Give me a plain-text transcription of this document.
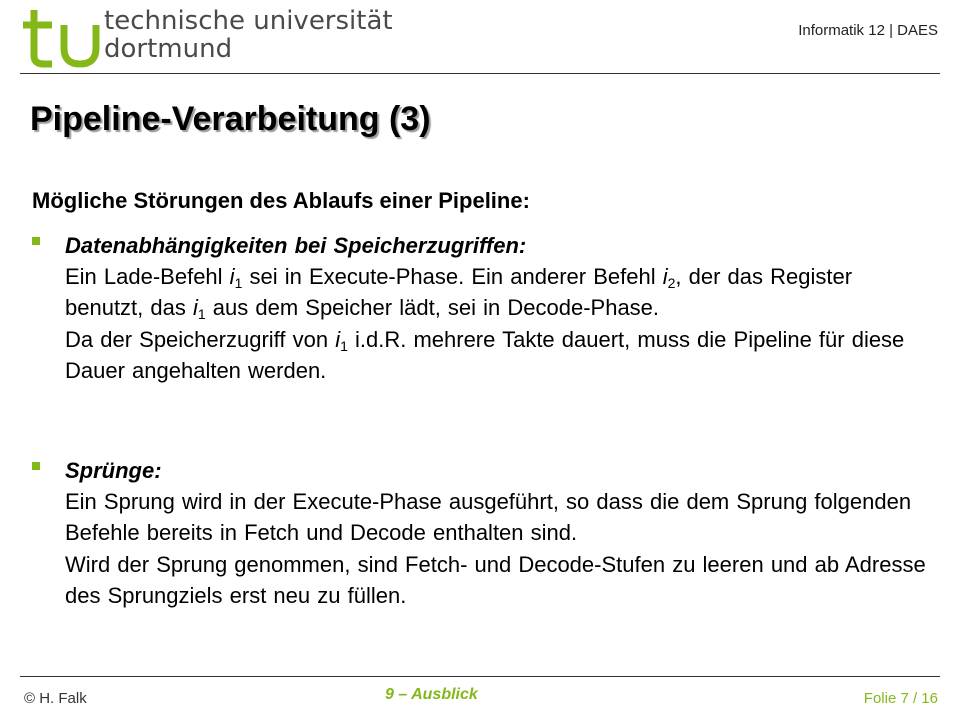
technische universität
dortmund
Informatik 12 | DAES
Pipeline-Verarbeitung (3)
Mögliche Störungen des Ablaufs einer Pipeline:
Datenabhängigkeiten bei Speicherzugriffen:
Ein Lade-Befehl $i_1$ sei in Execute-Phase. Ein anderer Befehl $i_2$, der das Register benutzt, das $i_1$ aus dem Speicher lädt, sei in Decode-Phase.
Da der Speicherzugriff von $i_1$ i.d.R. mehrere Takte dauert, muss die Pipeline für diese Dauer angehalten werden.
Sprünge:
Ein Sprung wird in der Execute-Phase ausgeführt, so dass die dem Sprung folgenden Befehle bereits in Fetch und Decode enthalten sind.
Wird der Sprung genommen, sind Fetch- und Decode-Stufen zu leeren und ab Adresse des Sprungziels erst neu zu füllen.
© H. Falk	9 – Ausblick	Folie 7 / 16
